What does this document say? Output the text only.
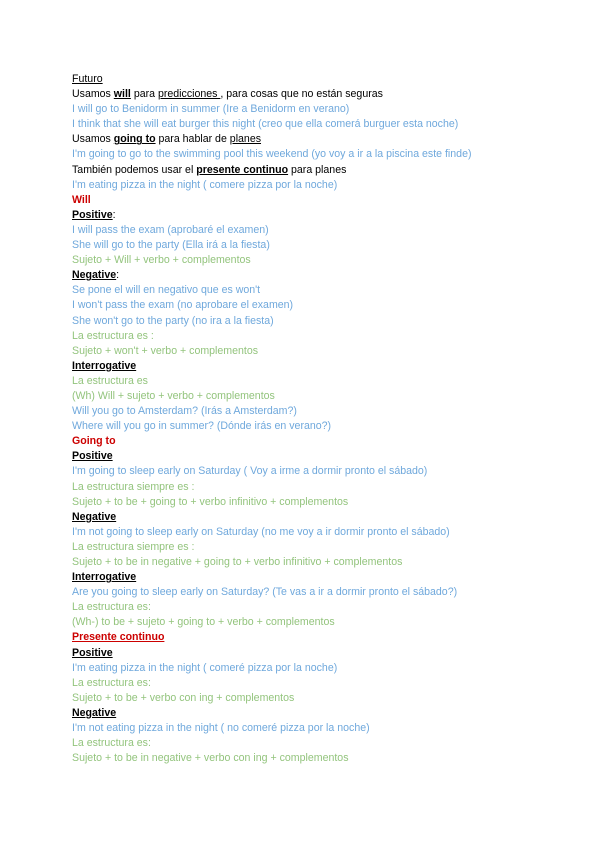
Futuro
Usamos will para predicciones , para cosas que no están seguras
I will go to Benidorm in summer (Ire a Benidorm en verano)
I think that she will eat burger this night (creo que ella comerá burguer esta noche)
Usamos going to para hablar de planes
I'm going to go to the swimming pool this weekend (yo voy a ir a la piscina este finde)
También podemos usar el presente continuo para planes
I'm eating pizza in the night ( comere pizza por la noche)
Will
Positive:
I will pass the exam (aprobaré el examen)
She will go to the party (Ella irá a la fiesta)
Sujeto + Will + verbo + complementos
Negative:
Se pone el will en negativo que es won't
I won't pass the exam (no aprobare el examen)
She won't go to the party (no ira a la fiesta)
La estructura es :
Sujeto + won't + verbo + complementos
Interrogative
La estructura es
(Wh) Will + sujeto + verbo + complementos
Will you go to Amsterdam? (Irás a Amsterdam?)
Where will you go in summer? (Dónde irás en verano?)
Going to
Positive
I'm going to sleep early on Saturday ( Voy a irme a dormir pronto el sábado)
La estructura siempre es :
Sujeto + to be + going to + verbo infinitivo + complementos
Negative
I'm not going to sleep early on Saturday (no me voy a ir dormir pronto el sábado)
La estructura siempre es :
Sujeto + to be in negative + going to + verbo infinitivo + complementos
Interrogative
Are you going to sleep early on Saturday? (Te vas a ir a dormir pronto el sábado?)
La estructura es:
(Wh-) to be + sujeto + going to + verbo + complementos
Presente continuo
Positive
I'm eating pizza in the night ( comeré pizza por la noche)
La estructura es:
Sujeto + to be + verbo con ing + complementos
Negative
I'm not eating pizza in the night ( no comeré pizza por la noche)
La estructura es:
Sujeto + to be in negative + verbo con ing + complementos
